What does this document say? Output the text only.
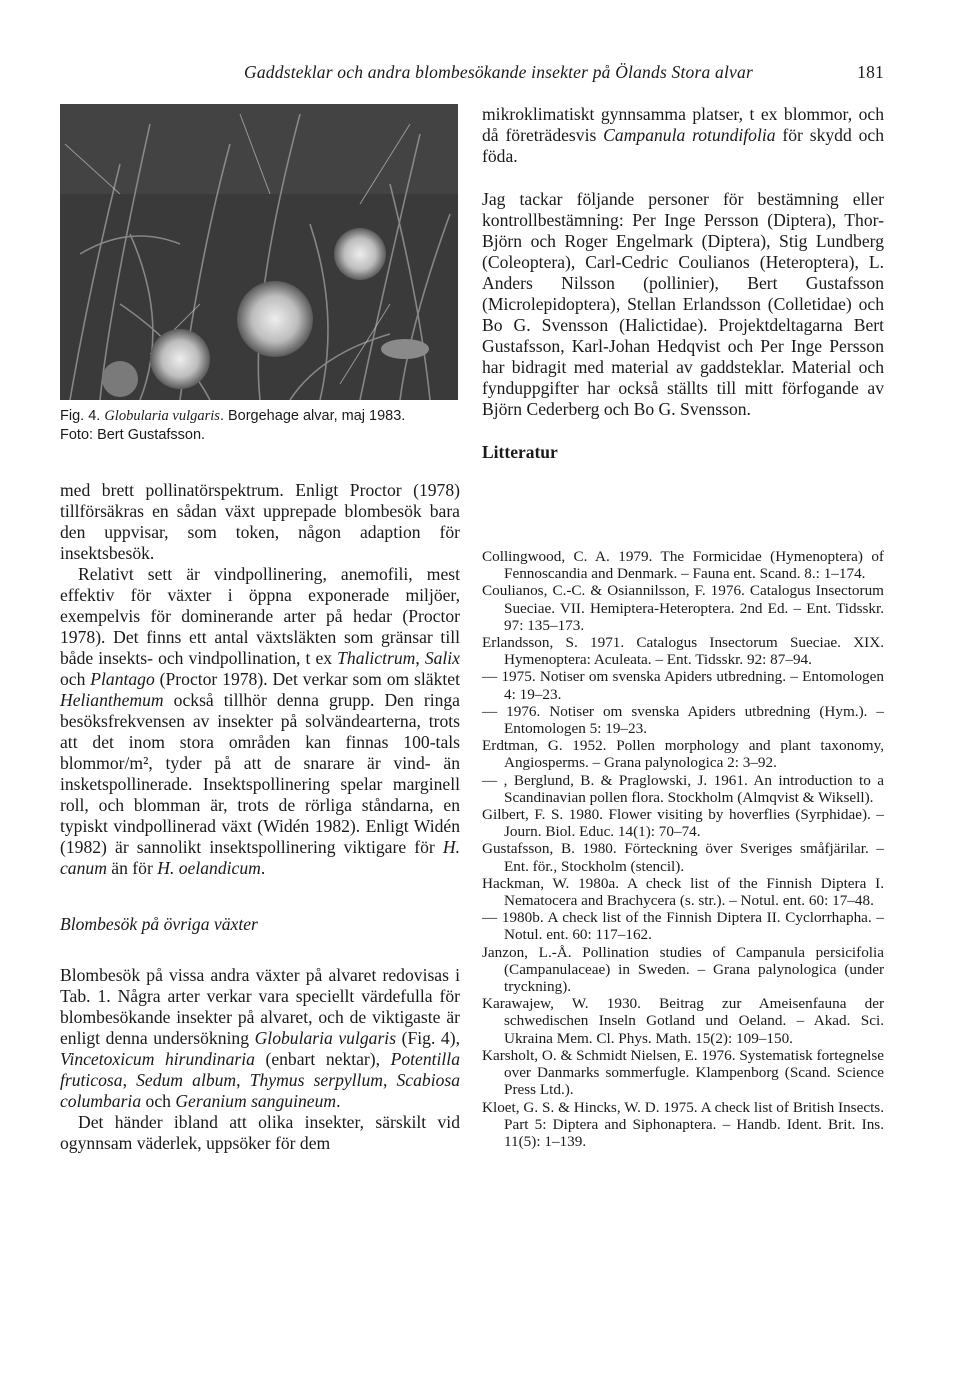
Gaddsteklar och andra blombesökande insekter på Ölands Stora alvar	181
Fig. 4. Globularia vulgaris. Borgehage alvar, maj 1983.
Foto: Bert Gustafsson.

med brett pollinatörspektrum. Enligt Proctor (1978) tillförsäkras en sådan växt upprepade blombesök bara den uppvisar, som token, någon adaption för insektsbesök.

Relativt sett är vindpollinering, anemofili, mest effektiv för växter i öppna exponerade miljöer, exempelvis för dominerande arter på hedar (Proctor 1978). Det finns ett antal växtsläkten som gränsar till både insekts- och vindpollination, t ex Thalictrum, Salix och Plantago (Proctor 1978). Det verkar som om släktet Helianthemum också tillhör denna grupp. Den ringa besöksfrekvensen av insekter på solvändearterna, trots att det inom stora områden kan finnas 100-tals blommor/m², tyder på att de snarare är vind- än insketspollinerade. Insektspollinering spelar marginell roll, och blomman är, trots de rörliga ståndarna, en typiskt vindpollinerad växt (Widén 1982). Enligt Widén (1982) är sannolikt insektspollinering viktigare för H. canum än för H. oelandicum.

Blombesök på övriga växter

Blombesök på vissa andra växter på alvaret redovisas i Tab. 1. Några arter verkar vara speciellt värdefulla för blombesökande insekter på alvaret, och de viktigaste är enligt denna undersökning Globularia vulgaris (Fig. 4), Vincetoxicum hirundinaria (enbart nektar), Potentilla fruticosa, Sedum album, Thymus serpyllum, Scabiosa columbaria och Geranium sanguineum.

Det händer ibland att olika insekter, särskilt vid ogynnsam väderlek, uppsöker för dem

mikroklimatiskt gynnsamma platser, t ex blommor, och då företrädesvis Campanula rotundifolia för skydd och föda.

Jag tackar följande personer för bestämning eller kontrollbestämning: Per Inge Persson (Diptera), Thor-Björn och Roger Engelmark (Diptera), Stig Lundberg (Coleoptera), Carl-Cedric Coulianos (Heteroptera), L. Anders Nilsson (pollinier), Bert Gustafsson (Microlepidoptera), Stellan Erlandsson (Colletidae) och Bo G. Svensson (Halictidae). Projektdeltagarna Bert Gustafsson, Karl-Johan Hedqvist och Per Inge Persson har bidragit med material av gaddsteklar. Material och fynduppgifter har också ställts till mitt förfogande av Björn Cederberg och Bo G. Svensson.

Litteratur

Collingwood, C. A. 1979. The Formicidae (Hymenoptera) of Fennoscandia and Denmark. – Fauna ent. Scand. 8.: 1–174.
Coulianos, C.-C. & Osiannilsson, F. 1976. Catalogus Insectorum Sueciae. VII. Hemiptera-Heteroptera. 2nd Ed. – Ent. Tidsskr. 97: 135–173.
Erlandsson, S. 1971. Catalogus Insectorum Sueciae. XIX. Hymenoptera: Aculeata. – Ent. Tidsskr. 92: 87–94.
— 1975. Notiser om svenska Apiders utbredning. – Entomologen 4: 19–23.
— 1976. Notiser om svenska Apiders utbredning (Hym.). – Entomologen 5: 19–23.
Erdtman, G. 1952. Pollen morphology and plant taxonomy, Angiosperms. – Grana palynologica 2: 3–92.
— , Berglund, B. & Praglowski, J. 1961. An introduction to a Scandinavian pollen flora. Stockholm (Almqvist & Wiksell).
Gilbert, F. S. 1980. Flower visiting by hoverflies (Syrphidae). – Journ. Biol. Educ. 14(1): 70–74.
Gustafsson, B. 1980. Förteckning över Sveriges småfjärilar. – Ent. för., Stockholm (stencil).
Hackman, W. 1980a. A check list of the Finnish Diptera I. Nematocera and Brachycera (s. str.). – Notul. ent. 60: 17–48.
— 1980b. A check list of the Finnish Diptera II. Cyclorrhapha. – Notul. ent. 60: 117–162.
Janzon, L.-Å. Pollination studies of Campanula persicifolia (Campanulaceae) in Sweden. – Grana palynologica (under tryckning).
Karawajew, W. 1930. Beitrag zur Ameisenfauna der schwedischen Inseln Gotland und Oeland. – Akad. Sci. Ukraina Mem. Cl. Phys. Math. 15(2): 109–150.
Karsholt, O. & Schmidt Nielsen, E. 1976. Systematisk fortegnelse over Danmarks sommerfugle. Klampenborg (Scand. Science Press Ltd.).
Kloet, G. S. & Hincks, W. D. 1975. A check list of British Insects. Part 5: Diptera and Siphonaptera. – Handb. Ident. Brit. Ins. 11(5): 1–139.
